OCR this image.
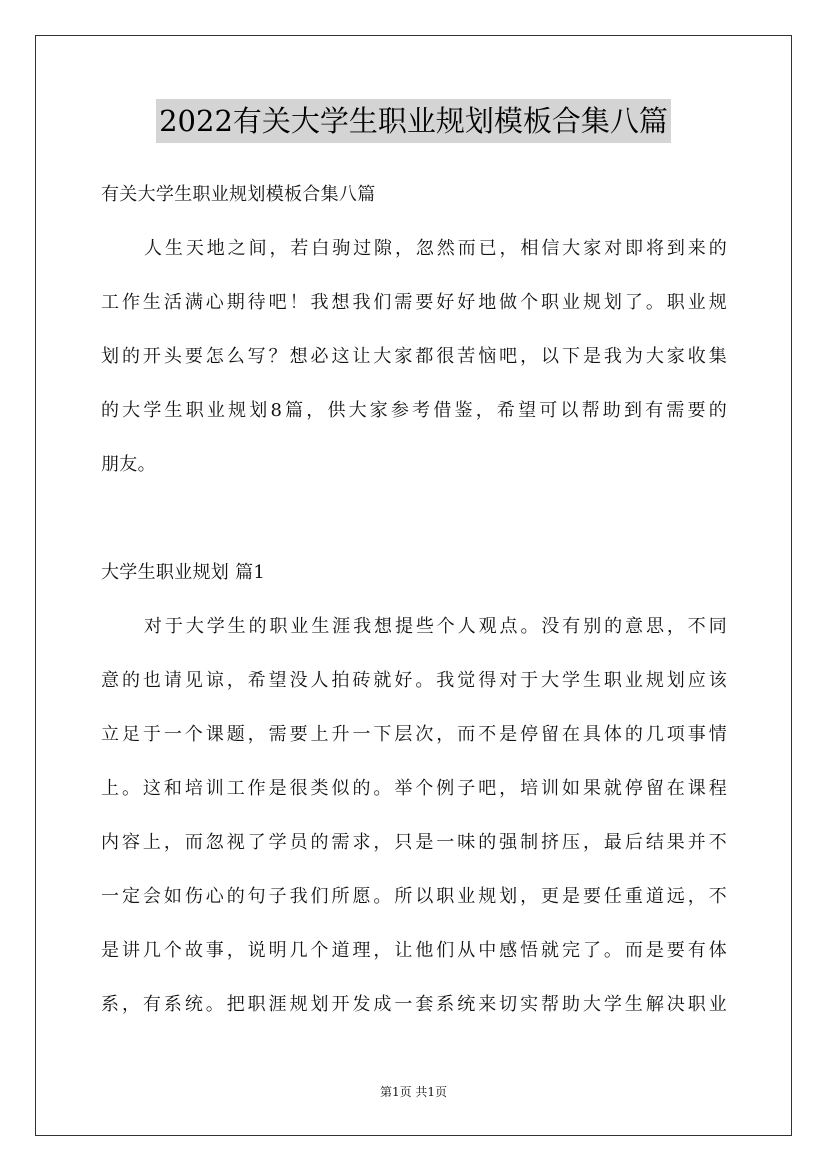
2022有关大学生职业规划模板合集八篇
有关大学生职业规划模板合集八篇
人生天地之间，若白驹过隙，忽然而已，相信大家对即将到来的
工作生活满心期待吧！我想我们需要好好地做个职业规划了。职业规
划的开头要怎么写？想必这让大家都很苦恼吧，以下是我为大家收集
的大学生职业规划8篇，供大家参考借鉴，希望可以帮助到有需要的
朋友。
大学生职业规划 篇1
对于大学生的职业生涯我想提些个人观点。没有别的意思，不同
意的也请见谅，希望没人拍砖就好。我觉得对于大学生职业规划应该
立足于一个课题，需要上升一下层次，而不是停留在具体的几项事情
上。这和培训工作是很类似的。举个例子吧，培训如果就停留在课程
内容上，而忽视了学员的需求，只是一味的强制挤压，最后结果并不
一定会如伤心的句子我们所愿。所以职业规划，更是要任重道远，不
是讲几个故事，说明几个道理，让他们从中感悟就完了。而是要有体
系，有系统。把职涯规划开发成一套系统来切实帮助大学生解决职业
第1页 共1页
